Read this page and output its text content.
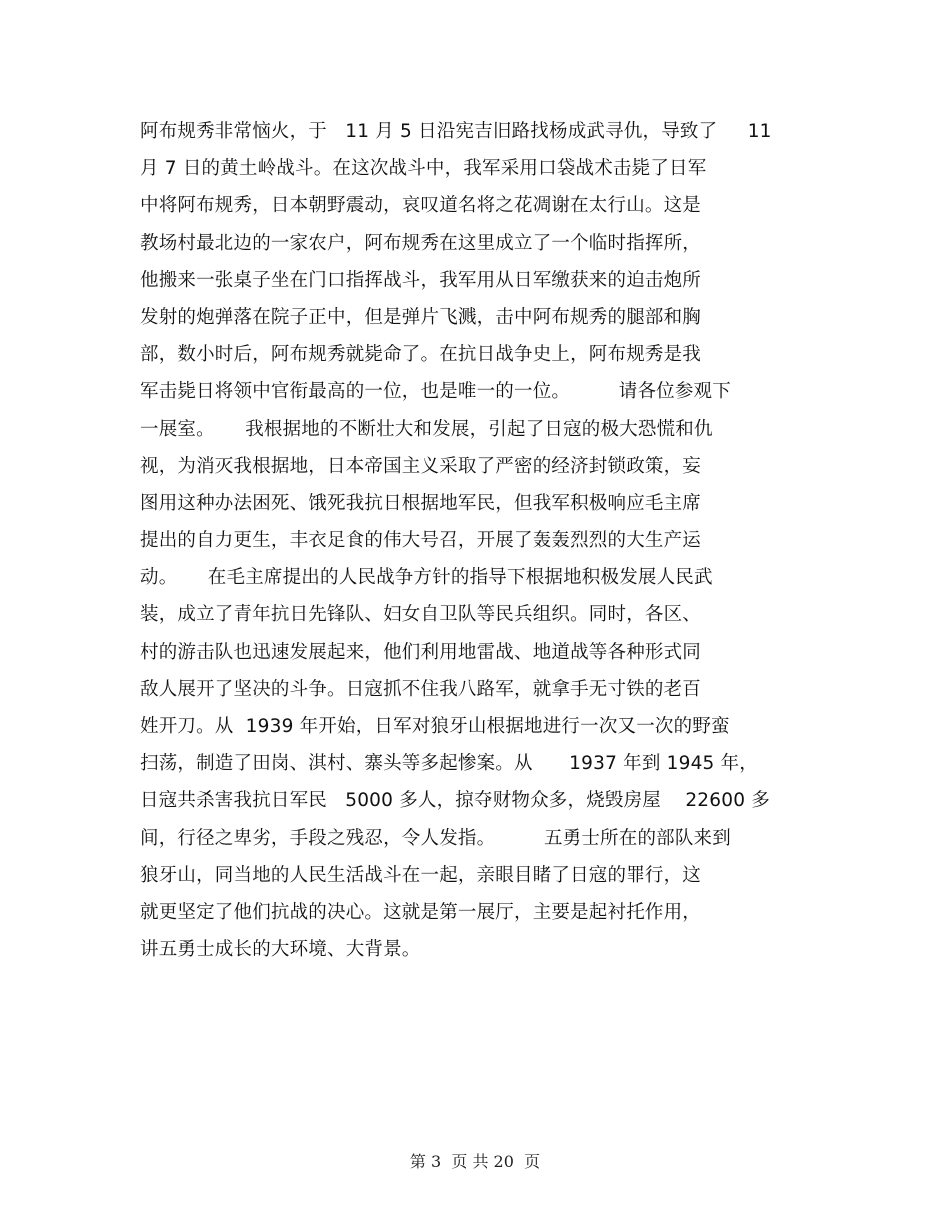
阿布规秀非常恼火，于   11 月 5 日沿宪吉旧路找杨成武寻仇，导致了     11
月 7 日的黄土岭战斗。在这次战斗中，我军采用口袋战术击毙了日军
中将阿布规秀，日本朝野震动，哀叹道名将之花凋谢在太行山。这是
教场村最北边的一家农户，阿布规秀在这里成立了一个临时指挥所，
他搬来一张桌子坐在门口指挥战斗，我军用从日军缴获来的迫击炮所
发射的炮弹落在院子正中，但是弹片飞溅，击中阿布规秀的腿部和胸
部，数小时后，阿布规秀就毙命了。在抗日战争史上，阿布规秀是我
军击毙日将领中官衔最高的一位，也是唯一的一位。        请各位参观下
一展室。     我根据地的不断壮大和发展，引起了日寇的极大恐慌和仇
视，为消灭我根据地，日本帝国主义采取了严密的经济封锁政策，妄
图用这种办法困死、饿死我抗日根据地军民，但我军积极响应毛主席
提出的自力更生，丰衣足食的伟大号召，开展了轰轰烈烈的大生产运
动。     在毛主席提出的人民战争方针的指导下根据地积极发展人民武
装，成立了青年抗日先锋队、妇女自卫队等民兵组织。同时，各区、
村的游击队也迅速发展起来，他们利用地雷战、地道战等各种形式同
敌人展开了坚决的斗争。日寇抓不住我八路军，就拿手无寸铁的老百
姓开刀。从  1939 年开始，日军对狼牙山根据地进行一次又一次的野蛮
扫荡，制造了田岗、淇村、寨头等多起惨案。从      1937 年到 1945 年，
日寇共杀害我抗日军民   5000 多人，掠夺财物众多，烧毁房屋    22600 多
间，行径之卑劣，手段之残忍，令人发指。        五勇士所在的部队来到
狼牙山，同当地的人民生活战斗在一起，亲眼目睹了日寇的罪行，这
就更坚定了他们抗战的决心。这就是第一展厅，主要是起衬托作用，
讲五勇士成长的大环境、大背景。
第 3  页 共 20  页
